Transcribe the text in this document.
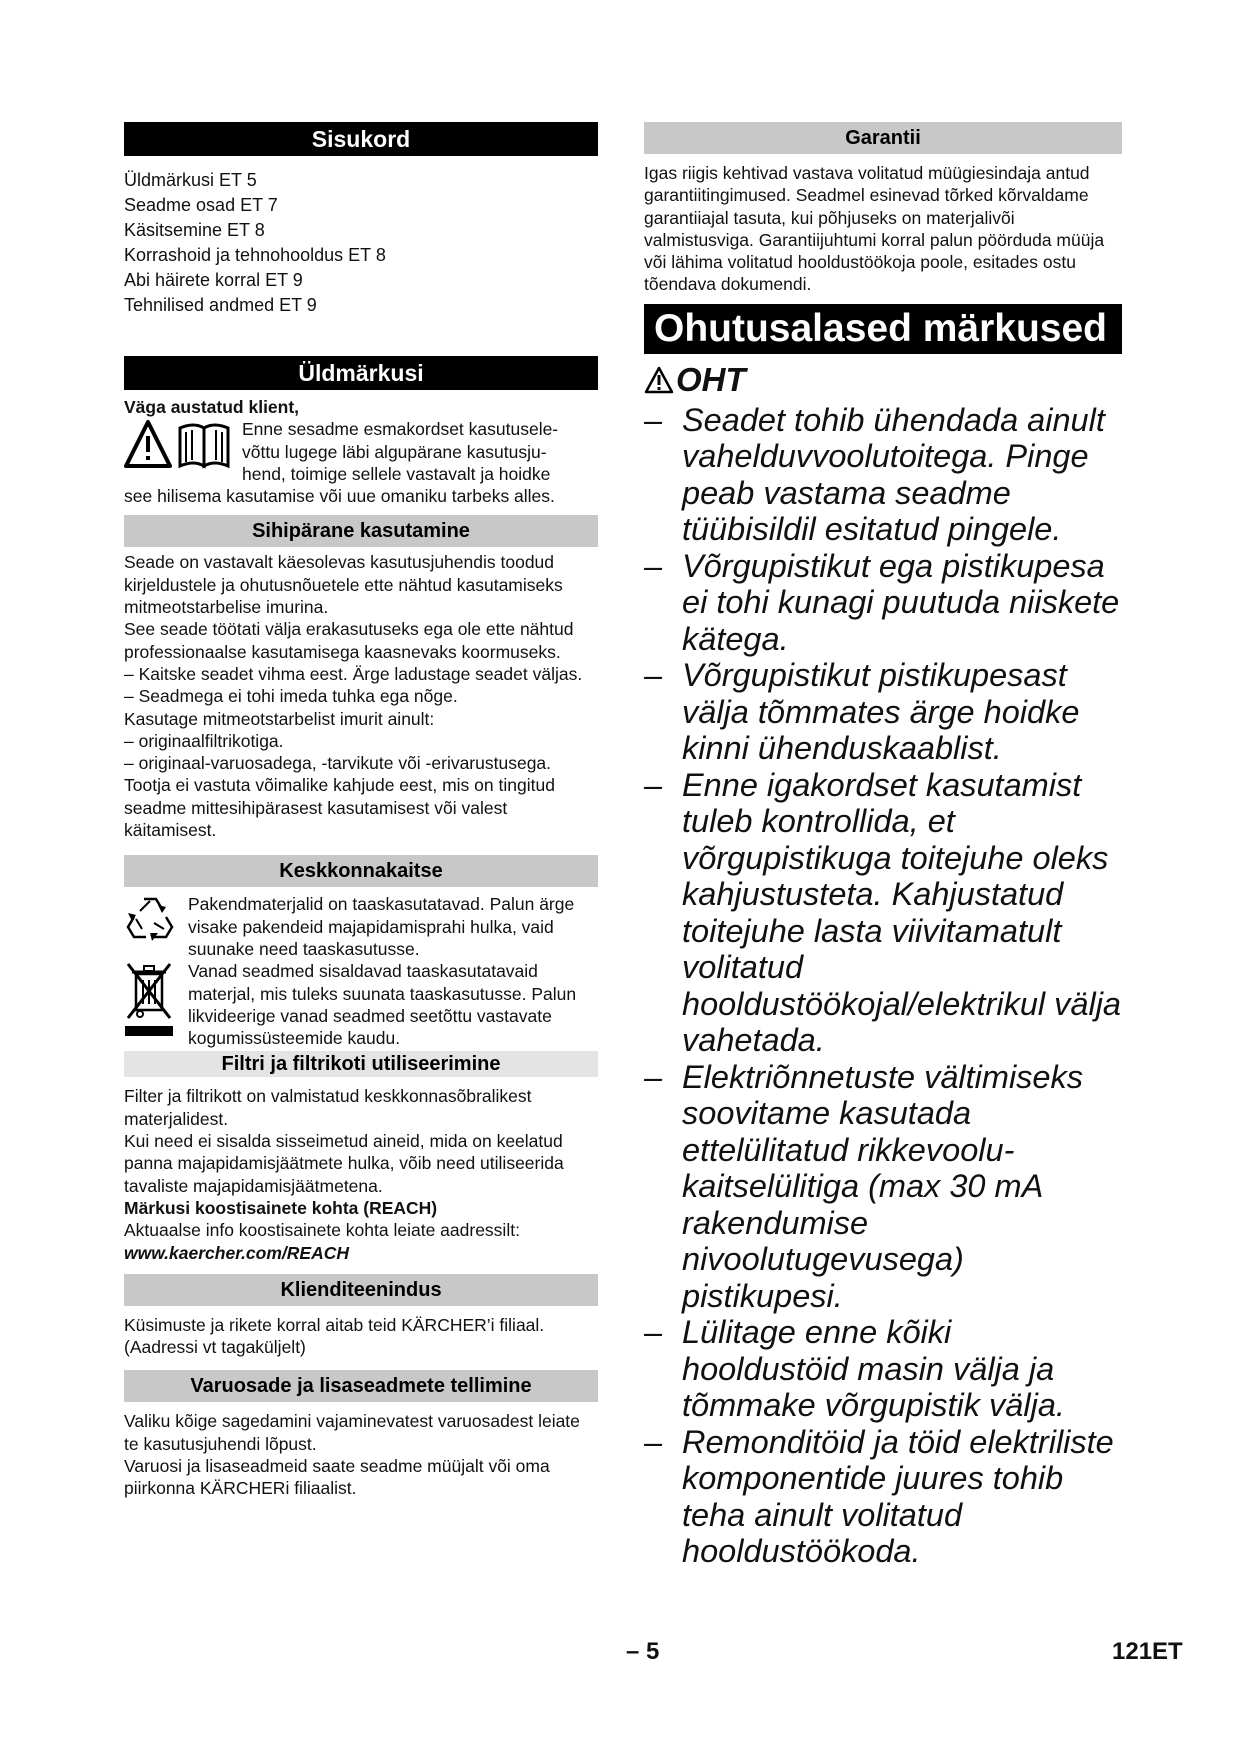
Sisukord

Üldmärkusi ET 5

Seadme osad ET 7

Käsitsemine ET 8

Korrashoid ja tehnohooldus ET 8

Abi häirete korral ET 9

Tehnilised andmed ET 9

Üldmärkusi

Väga austatud klient,

Enne sesadme esmakordset kasutusele-

võttu lugege läbi algupärane kasutusju-

hend, toimige sellele vastavalt ja hoidke

see hilisema kasutamise või uue omaniku tarbeks alles.

Sihipärane kasutamine

Seade on vastavalt käesolevas kasutusjuhendis toodud kirjeldustele ja ohutusnõuetele ette nähtud kasutamiseks mitmeotstarbelise imurina.

See seade töötati välja erakasutuseks ega ole ette nähtud professionaalse kasutamisega kaasnevaks koormuseks.

– Kaitske seadet vihma eest. Ärge ladustage seadet väljas.

– Seadmega ei tohi imeda tuhka ega nõge.

Kasutage mitmeotstarbelist imurit ainult:

– originaalfiltrikotiga.

– originaal-varuosadega, -tarvikute või -erivarustusega.

Tootja ei vastuta võimalike kahjude eest, mis on tingitud seadme mittesihipärasest kasutamisest või valest käitamisest.

Keskkonnakaitse

Pakendmaterjalid on taaskasutatavad. Palun ärge visake pakendeid majapidamisprahi hulka, vaid suunake need taaskasutusse.

Vanad seadmed sisaldavad taaskasutatavaid materjal, mis tuleks suunata taaskasutusse. Palun likvideerige vanad seadmed seetõttu vastavate kogumissüsteemide kaudu.

Filtri ja filtrikoti utiliseerimine

Filter ja filtrikott on valmistatud keskkonnasõbralikest materjalidest.

Kui need ei sisalda sisseimetud aineid, mida on keelatud panna majapidamisjäätmete hulka, võib need utiliseerida tavaliste majapidamisjäätmetena.

Märkusi koostisainete kohta (REACH)

Aktuaalse info koostisainete kohta leiate aadressilt:

www.kaercher.com/REACH

Klienditeenindus

Küsimuste ja rikete korral aitab teid KÄRCHER’i filiaal. (Aadressi vt tagaküljelt)

Varuosade ja lisaseadmete tellimine

Valiku kõige sagedamini vajaminevatest varuosadest leiate te kasutusjuhendi lõpust.

Varuosi ja lisaseadmeid saate seadme müüjalt või oma piirkonna KÄRCHERi filiaalist.

Garantii

Igas riigis kehtivad vastava volitatud müügiesindaja antud garantiitingimused. Seadmel esinevad tõrked kõrvaldame garantiiajal tasuta, kui põhjuseks on materjalivõi valmistusviga. Garantiijuhtumi korral palun pöörduda müüja või lähima volitatud hooldustöökoja poole, esitades ostu tõendava dokumendi.

Ohutusalased märkused
OHT

– Seadet tohib ühendada ainult vahelduvvoolutoitega. Pinge peab vastama seadme tüübisildil esitatud pingele.

– Võrgupistikut ega pistikupesa ei tohi kunagi puutuda niiskete kätega.

– Võrgupistikut pistikupesast välja tõmmates ärge hoidke kinni ühenduskaablist.

– Enne igakordset kasutamist tuleb kontrollida, et võrgupistikuga toitejuhe oleks kahjustusteta. Kahjustatud toitejuhe lasta viivitamatult volitatud hooldustöökojal/elektrikul välja vahetada.

– Elektriõnnetuste vältimiseks soovitame kasutada ettelülitatud rikkevoolu-kaitselülitiga (max 30 mA rakendumise nivoolutugevusega) pistikupesi.

– Lülitage enne kõiki hooldustöid masin välja ja tõmmake võrgupistik välja.

– Remonditöid ja töid elektriliste komponentide juures tohib teha ainult volitatud hooldustöökoda.

– 5	121ET
